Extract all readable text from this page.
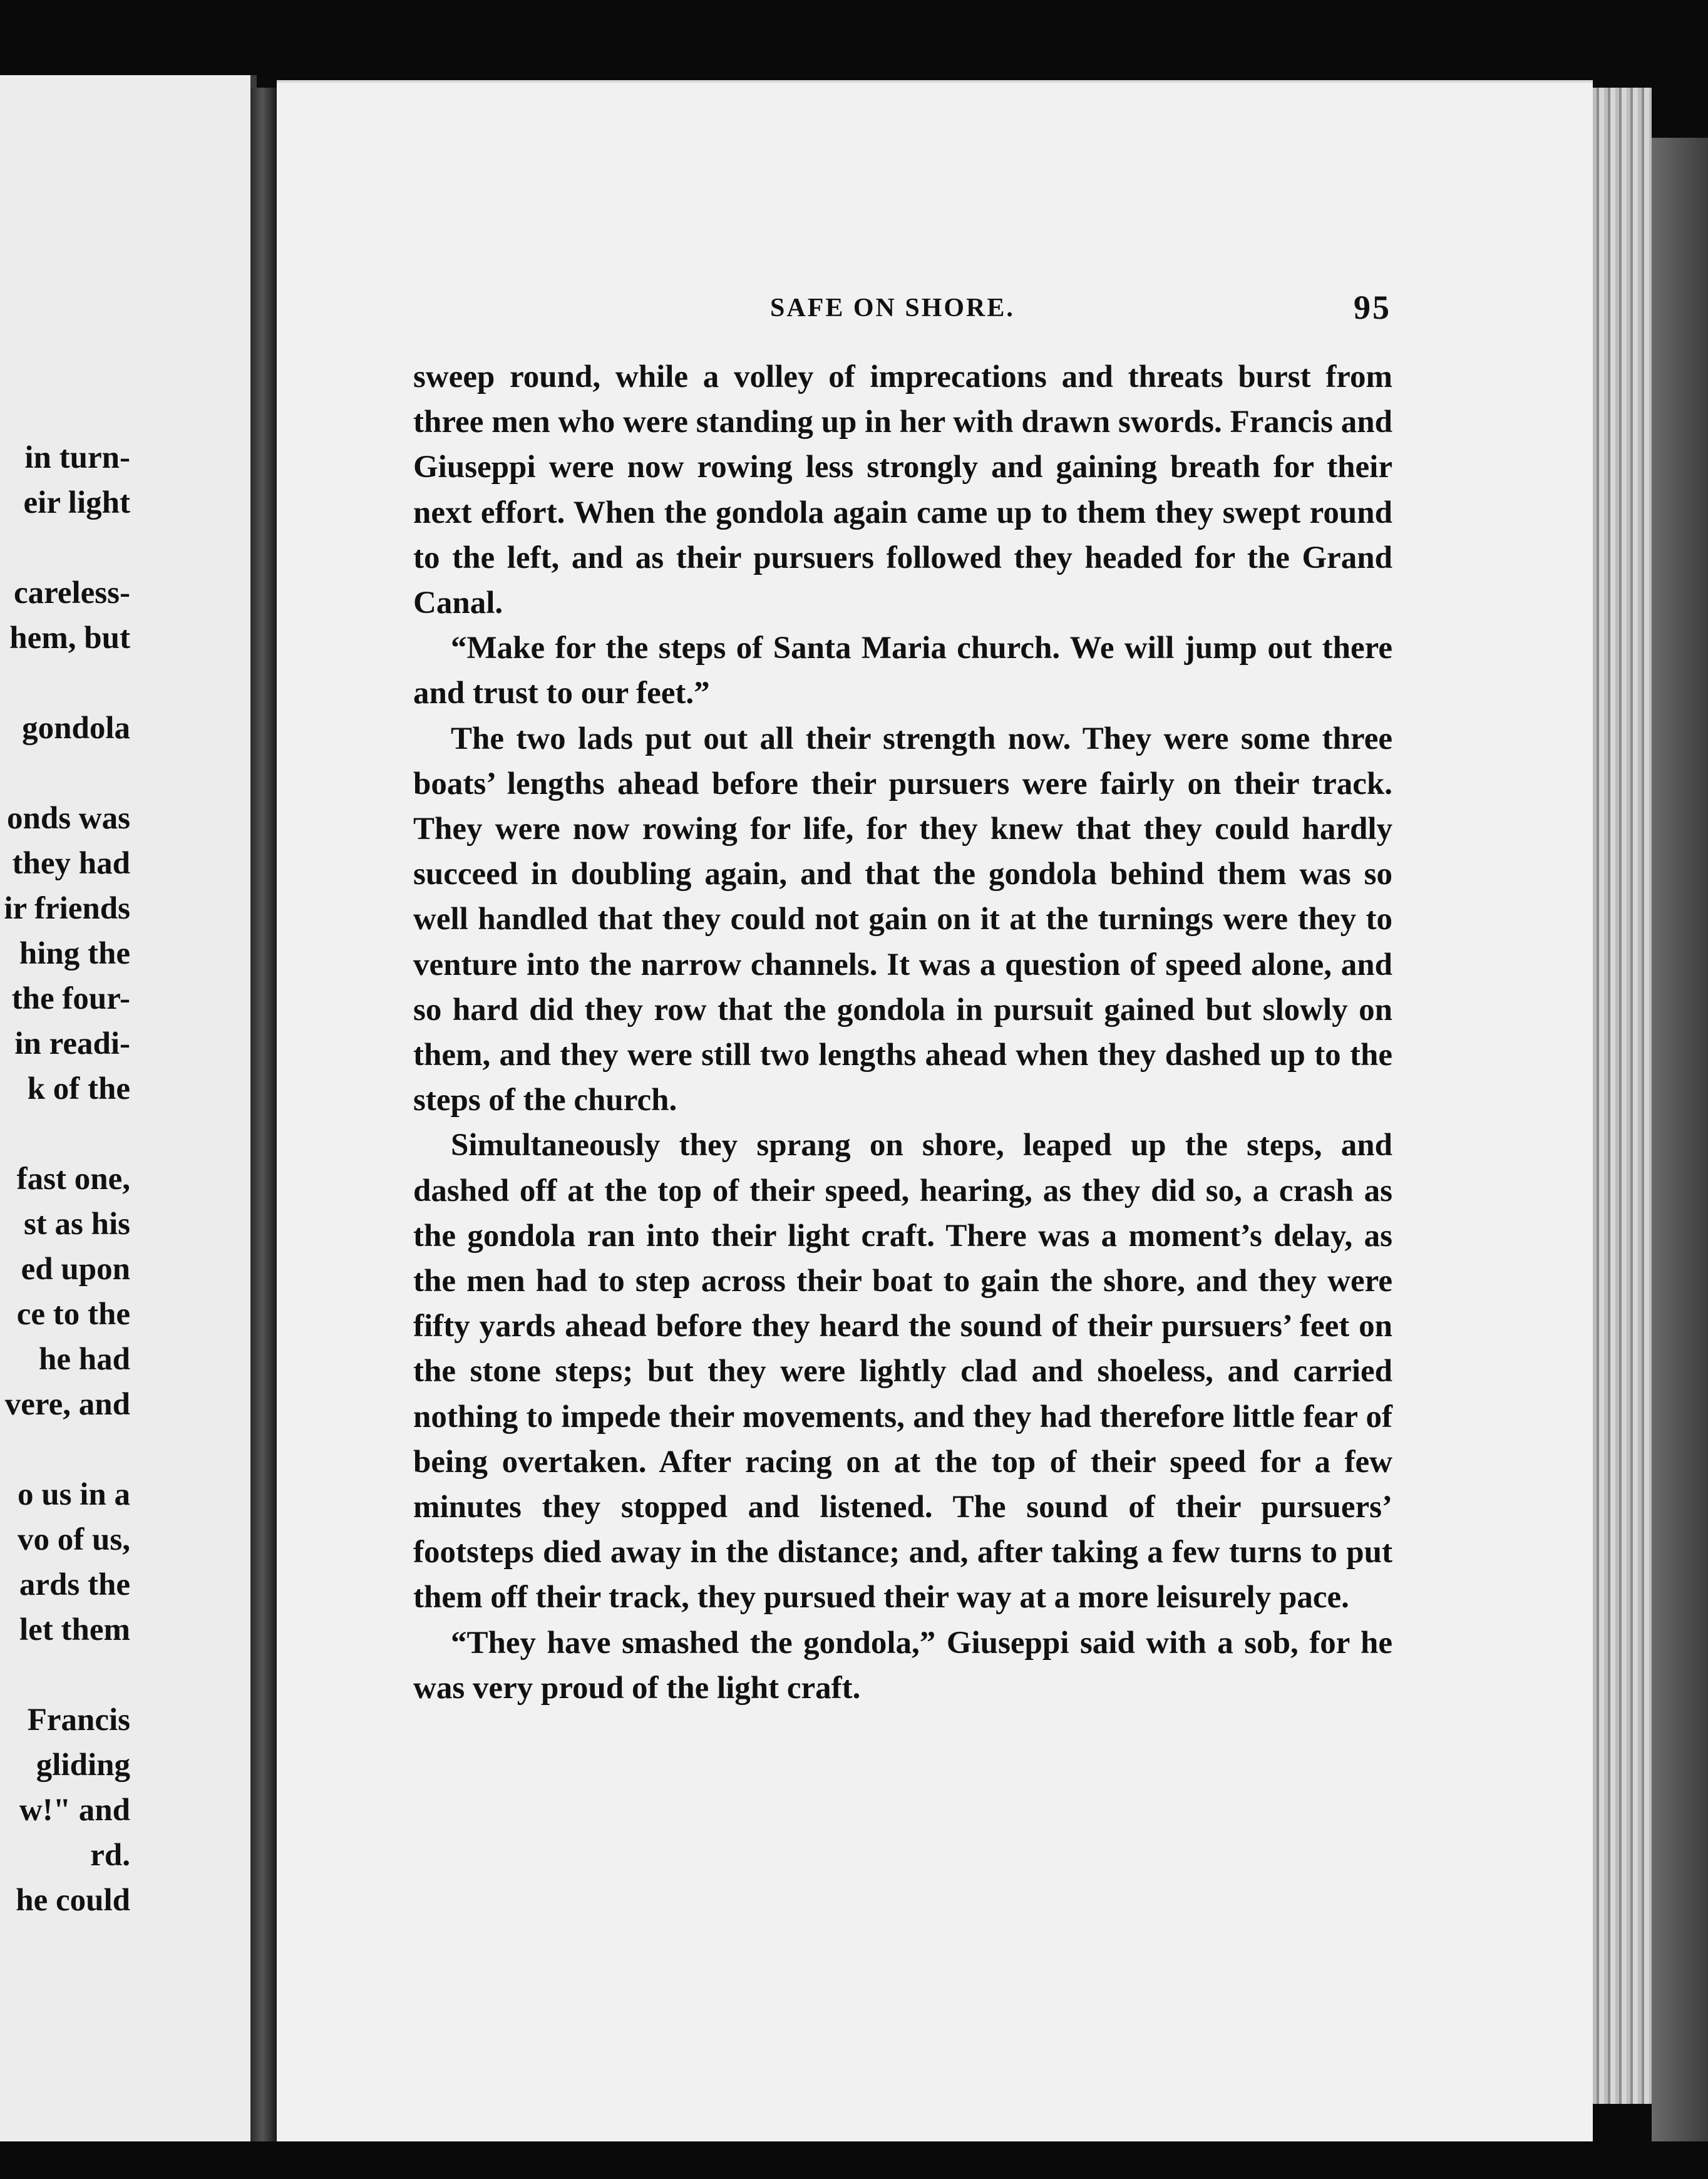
in turn-
eir light
careless-
hem, but
gondola
onds was
they had
ir friends
hing the
the four-
in readi-
k of the
fast one,
st as his
ed upon
ce to the
he had
vere, and
o us in a
vo of us,
ards the
let them
Francis
gliding
w!" and
rd.
he could
SAFE ON SHORE.	95

sweep round, while a volley of imprecations and threats burst from three men who were standing up in her with drawn swords. Francis and Giuseppi were now rowing less strongly and gaining breath for their next effort. When the gondola again came up to them they swept round to the left, and as their pursuers followed they headed for the Grand Canal.

“Make for the steps of Santa Maria church. We will jump out there and trust to our feet.”

The two lads put out all their strength now. They were some three boats’ lengths ahead before their pursuers were fairly on their track. They were now rowing for life, for they knew that they could hardly succeed in doubling again, and that the gondola behind them was so well handled that they could not gain on it at the turnings were they to venture into the narrow channels. It was a question of speed alone, and so hard did they row that the gondola in pursuit gained but slowly on them, and they were still two lengths ahead when they dashed up to the steps of the church.

Simultaneously they sprang on shore, leaped up the steps, and dashed off at the top of their speed, hearing, as they did so, a crash as the gondola ran into their light craft. There was a moment’s delay, as the men had to step across their boat to gain the shore, and they were fifty yards ahead before they heard the sound of their pursuers’ feet on the stone steps; but they were lightly clad and shoeless, and carried nothing to impede their movements, and they had therefore little fear of being overtaken. After racing on at the top of their speed for a few minutes they stopped and listened. The sound of their pursuers’ footsteps died away in the distance; and, after taking a few turns to put them off their track, they pursued their way at a more leisurely pace.

“They have smashed the gondola,” Giuseppi said with a sob, for he was very proud of the light craft.
